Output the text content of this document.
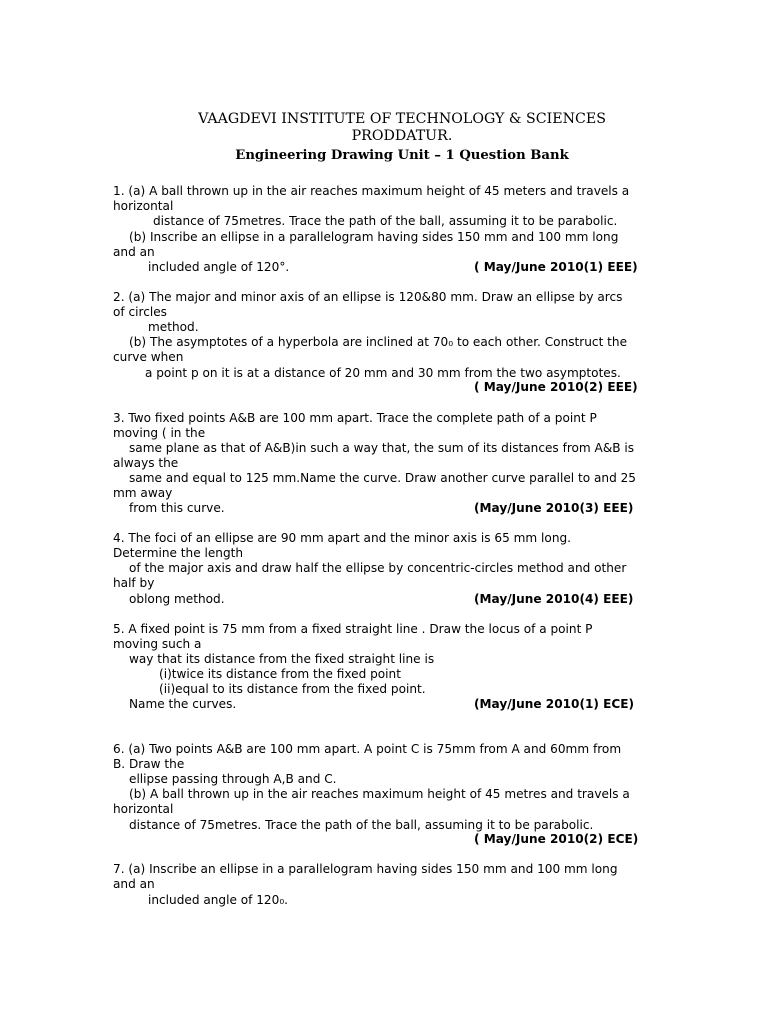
VAAGDEVI INSTITUTE OF TECHNOLOGY & SCIENCES
PRODDATUR.
Engineering Drawing Unit – 1 Question Bank
1. (a) A ball thrown up in the air reaches maximum height of 45 meters and travels a
horizontal
distance of 75metres. Trace the path of the ball, assuming it to be parabolic.
(b) Inscribe an ellipse in a parallelogram having sides 150 mm and 100 mm long
and an
included angle of 120°.	( May/June 2010(1) EEE)
2. (a) The major and minor axis of an ellipse is 120&80 mm. Draw an ellipse by arcs
of circles
method.
(b) The asymptotes of a hyperbola are inclined at 70₀ to each other. Construct the
curve when
a point p on it is at a distance of 20 mm and 30 mm from the two asymptotes.
( May/June 2010(2) EEE)
3. Two fixed points A&B are 100 mm apart. Trace the complete path of a point P
moving ( in the
same plane as that of A&B)in such a way that, the sum of its distances from A&B is
always the
same and equal to 125 mm.Name the curve. Draw another curve parallel to and 25
mm away
from this curve.	(May/June 2010(3) EEE)
4. The foci of an ellipse are 90 mm apart and the minor axis is 65 mm long.
Determine the length
of the major axis and draw half the ellipse by concentric-circles method and other
half by
oblong method.	(May/June 2010(4) EEE)
5. A fixed point is 75 mm from a fixed straight line . Draw the locus of a point P
moving such a
way that its distance from the fixed straight line is
(i)twice its distance from the fixed point
(ii)equal to its distance from the fixed point.
Name the curves.	(May/June 2010(1) ECE)
6. (a) Two points A&B are 100 mm apart. A point C is 75mm from A and 60mm from
B. Draw the
ellipse passing through A,B and C.
(b) A ball thrown up in the air reaches maximum height of 45 metres and travels a
horizontal
distance of 75metres. Trace the path of the ball, assuming it to be parabolic.
( May/June 2010(2) ECE)
7. (a) Inscribe an ellipse in a parallelogram having sides 150 mm and 100 mm long
and an
included angle of 120₀.
